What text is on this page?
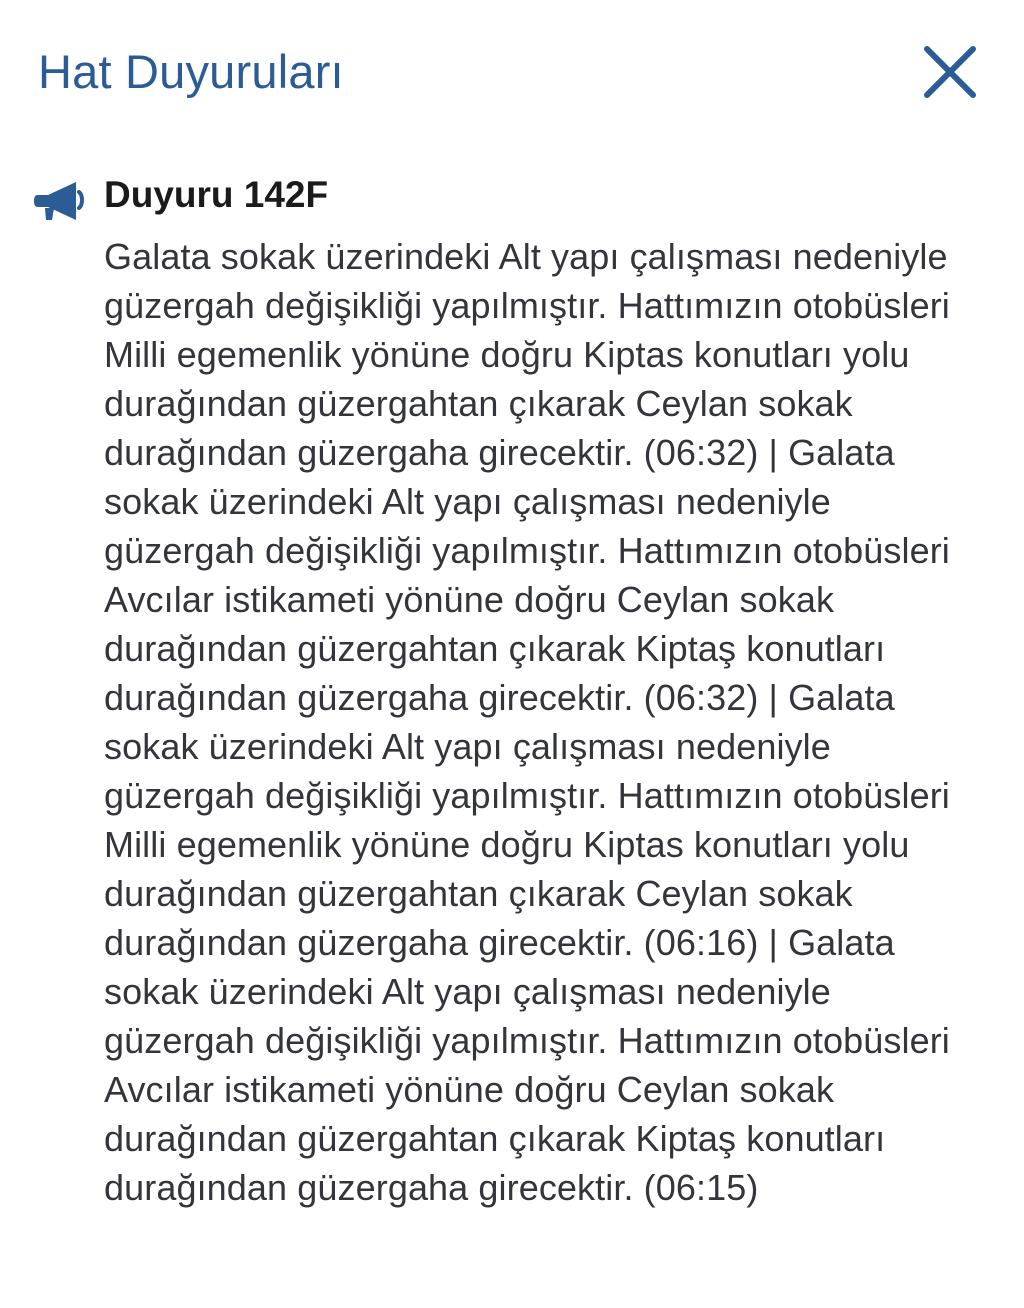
Hat Duyuruları
Duyuru 142F

Galata sokak üzerindeki Alt yapı çalışması nedeniyle güzergah değişikliği yapılmıştır. Hattımızın otobüsleri Milli egemenlik yönüne doğru Kiptas konutları yolu durağından güzergahtan çıkarak Ceylan sokak durağından güzergaha girecektir. (06:32) | Galata sokak üzerindeki Alt yapı çalışması nedeniyle güzergah değişikliği yapılmıştır. Hattımızın otobüsleri Avcılar istikameti yönüne doğru Ceylan sokak durağından güzergahtan çıkarak Kiptaş konutları durağından güzergaha girecektir. (06:32) | Galata sokak üzerindeki Alt yapı çalışması nedeniyle güzergah değişikliği yapılmıştır. Hattımızın otobüsleri Milli egemenlik yönüne doğru Kiptas konutları yolu durağından güzergahtan çıkarak Ceylan sokak durağından güzergaha girecektir. (06:16) | Galata sokak üzerindeki Alt yapı çalışması nedeniyle güzergah değişikliği yapılmıştır. Hattımızın otobüsleri Avcılar istikameti yönüne doğru Ceylan sokak durağından güzergahtan çıkarak Kiptaş konutları durağından güzergaha girecektir. (06:15)
